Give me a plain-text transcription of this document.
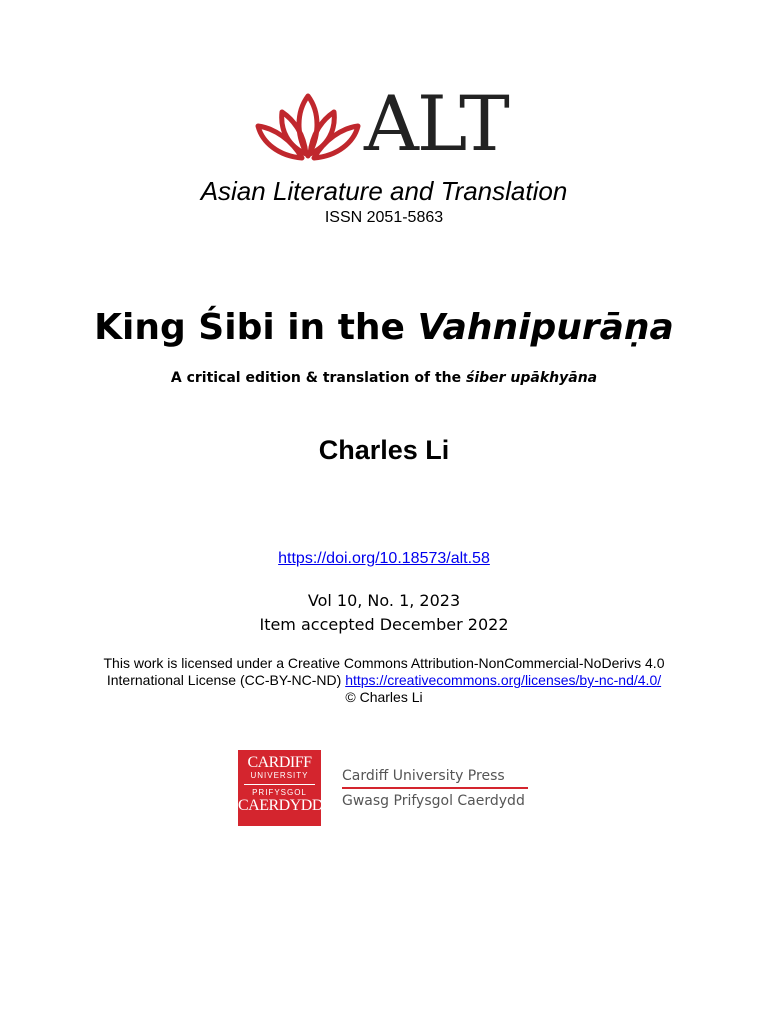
ALT
Asian Literature and Translation
ISSN 2051-5863
King Śibi in the Vahnipurāṇa
A critical edition & translation of the śiber upākhyāna
Charles Li
https://doi.org/10.18573/alt.58
Vol 10, No. 1, 2023
Item accepted December 2022
This work is licensed under a Creative Commons Attribution-NonCommercial-NoDerivs 4.0
International License (CC-BY-NC-ND) https://creativecommons.org/licenses/by-nc-nd/4.0/
© Charles Li
CARDIFF
UNIVERSITY
PRIFYSGOL
CAERDYDD
Cardiff University Press
Gwasg Prifysgol Caerdydd
